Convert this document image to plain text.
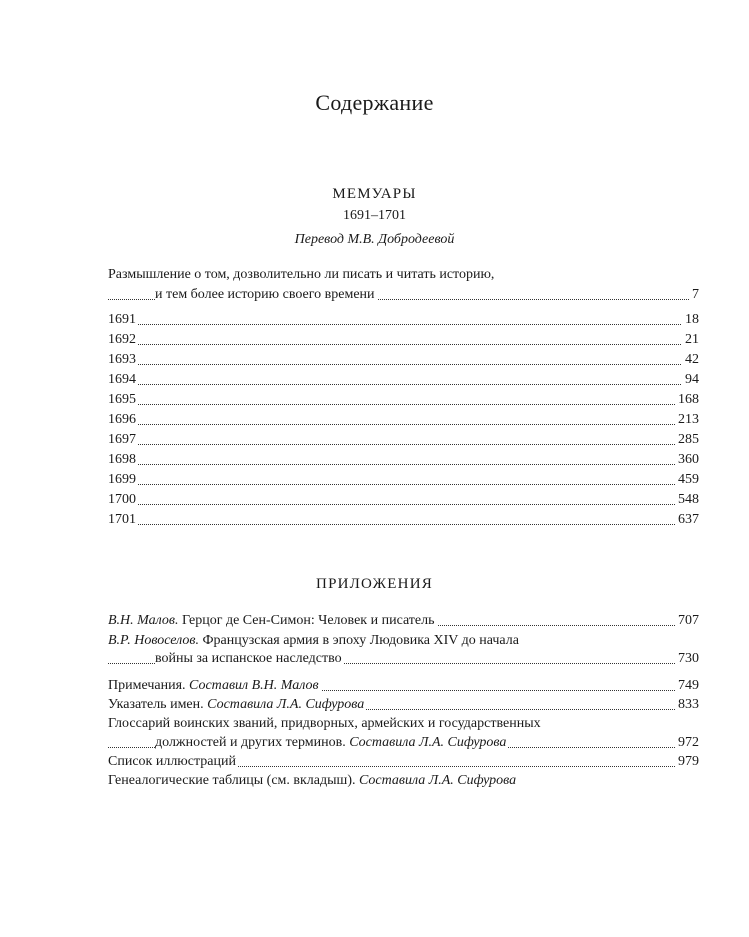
Содержание
МЕМУАРЫ
1691–1701
Перевод М.В. Добродеевой
Размышление о том, дозволительно ли писать и читать историю,
и тем более историю своего времени	7
1691	18
1692	21
1693	42
1694	94
1695	168
1696	213
1697	285
1698	360
1699	459
1700	548
1701	637
ПРИЛОЖЕНИЯ
В.Н. Малов. Герцог де Сен-Симон: Человек и писатель	707
В.Р. Новоселов. Французская армия в эпоху Людовика XIV до начала
войны за испанское наследство	730
Примечания. Составил В.Н. Малов	749
Указатель имен. Составила Л.А. Сифурова	833
Глоссарий воинских званий, придворных, армейских и государственных
должностей и других терминов. Составила Л.А. Сифурова	972
Список иллюстраций	979
Генеалогические таблицы (см. вкладыш). Составила Л.А. Сифурова
